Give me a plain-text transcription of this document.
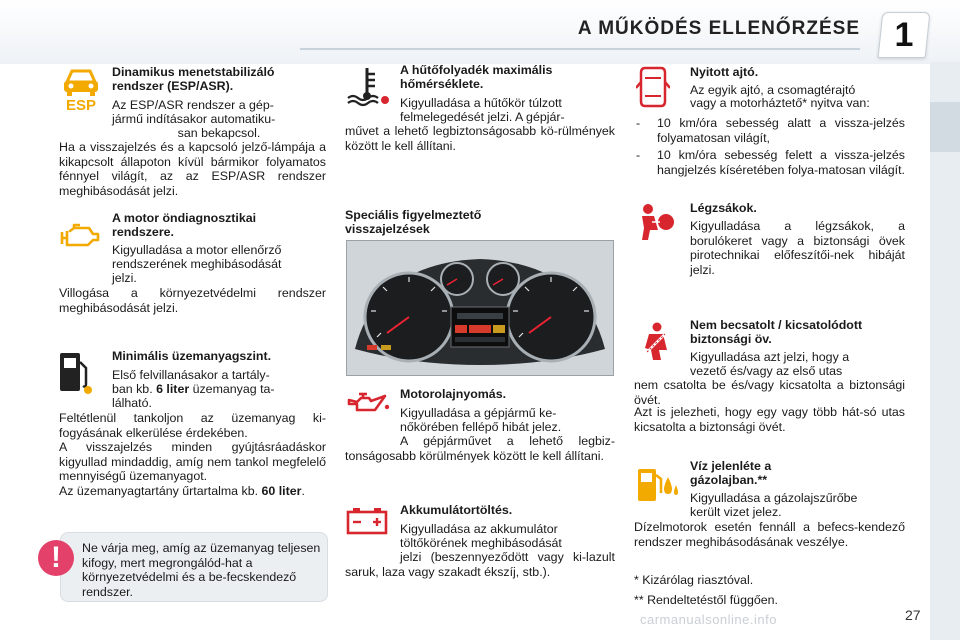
A MŰKÖDÉS ELLENŐRZÉSE	1
ESP
Dinamikus menetstabilizáló
rendszer (ESP/ASR).
Az ESP/ASR rendszer a gép-
jármű indításakor automatiku-
san bekapcsol.
Ha a visszajelzés és a kapcsoló jelző-lámpája a kikapcsolt állapoton kívül bármikor folyamatos fénnyel világít, az az ESP/ASR rendszer meghibásodását jelzi.
A motor öndiagnosztikai
rendszere.
Kigyulladása a motor ellenőrző
rendszerének meghibásodását
jelzi.
Villogása a környezetvédelmi rendszer meghibásodását jelzi.
Minimális üzemanyagszint.
Első felvillanásakor a tartály-
ban kb. 6 liter üzemanyag ta-
lálható.
Feltétlenül tankoljon az üzemanyag ki-fogyásának elkerülése érdekében.
A visszajelzés minden gyújtásráadáskor kigyullad mindaddig, amíg nem tankol megfelelő mennyiségű üzemanyagot.
Az üzemanyagtartány űrtartalma kb. 60 liter.
!	Ne várja meg, amíg az üzemanyag teljesen kifogy, mert megrongálód-hat a környezetvédelmi és a be-fecskendező rendszer.
A hűtőfolyadék maximális
hőmérséklete.
Kigyulladása a hűtőkör túlzott
felmelegedését jelzi. A gépjár-
művet a lehető legbiztonságosabb kö-rülmények között le kell állítani.
Speciális figyelmeztető
visszajelzések
Motorolajnyomás.
Kigyulladása a gépjármű ke-
nőkörében fellépő hibát jelez.
A gépjárművet a lehető legbiz-tonságosabb körülmények között le kell állítani.
Akkumulátortöltés.
Kigyulladása az akkumulátor
töltőkörének meghibásodását
jelzi (beszennyeződött vagy ki-lazult saruk, laza vagy szakadt ékszíj, stb.).
Nyitott ajtó.
Az egyik ajtó, a csomagtérajtó
vagy a motorháztető* nyitva van:
- 10 km/óra sebesség alatt a vissza-jelzés folyamatosan világít,
- 10 km/óra sebesség felett a vissza-jelzés hangjelzés kíséretében folya-matosan világít.
Légzsákok.
Kigyulladása a légzsákok, a borulókeret vagy a biztonsági övek pirotechnikai előfeszítői-nek hibáját jelzi.
Nem becsatolt / kicsatolódott
biztonsági öv.
Kigyulladása azt jelzi, hogy a
vezető és/vagy az első utas
nem csatolta be és/vagy kicsatolta a biztonsági övét.
Azt is jelezheti, hogy egy vagy több hát-só utas kicsatolta a biztonsági övét.
Víz jelenléte a
gázolajban.**
Kigyulladása a gázolajszűrőbe
került vizet jelez.
Dízelmotorok esetén fennáll a befecs-kendező rendszer meghibásodásának veszélye.
* Kizárólag riasztóval.
** Rendeltetéstől függően.
carmanualsonline.info	27
